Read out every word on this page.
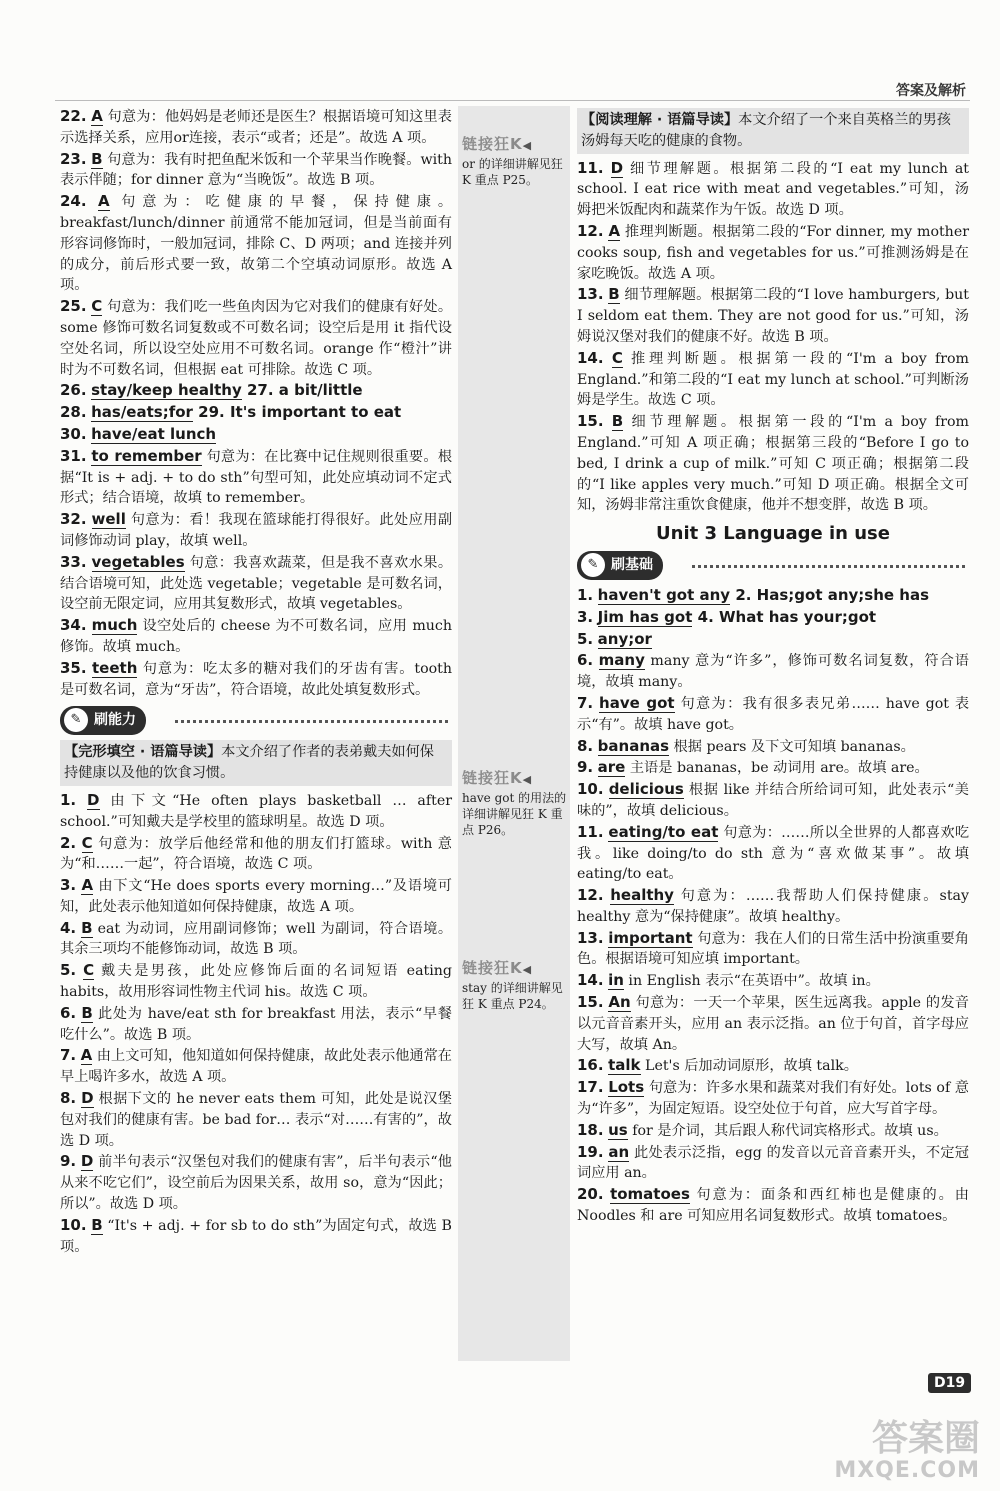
答案及解析
链接狂K◀
or 的详细讲解见狂 K 重点 P25。
链接狂K◀
have got 的用法的详细讲解见狂 K 重点 P26。
链接狂K◀
stay 的详细讲解见狂 K 重点 P24。

22. A 句意为：他妈妈是老师还是医生？根据语境可知这里表示选择关系，应用or连接，表示“或者；还是”。故选 A 项。

23. B 句意为：我有时把鱼配米饭和一个苹果当作晚餐。with 表示伴随；for dinner 意为“当晚饭”。故选 B 项。

24. A 句意为：吃健康的早餐，保持健康。breakfast/lunch/dinner 前通常不能加冠词，但是当前面有形容词修饰时，一般加冠词，排除 C、D 两项；and 连接并列的成分，前后形式要一致，故第二个空填动词原形。故选 A 项。

25. C 句意为：我们吃一些鱼肉因为它对我们的健康有好处。some 修饰可数名词复数或不可数名词；设空后是用 it 指代设空处名词，所以设空处应用不可数名词。orange 作“橙汁”讲时为不可数名词，但根据 eat 可排除。故选 C 项。

26. stay/keep healthy 27. a bit/little

28. has/eats;for 29. It's important to eat

30. have/eat lunch

31. to remember 句意为：在比赛中记住规则很重要。根据“It is + adj. + to do sth”句型可知，此处应填动词不定式形式；结合语境，故填 to remember。

32. well 句意为：看！我现在篮球能打得很好。此处应用副词修饰动词 play，故填 well。

33. vegetables 句意：我喜欢蔬菜，但是我不喜欢水果。结合语境可知，此处选 vegetable；vegetable 是可数名词，设空前无限定词，应用其复数形式，故填 vegetables。

34. much 设空处后的 cheese 为不可数名词，应用 much 修饰。故填 much。

35. teeth 句意为：吃太多的糖对我们的牙齿有害。tooth 是可数名词，意为“牙齿”，符合语境，故此处填复数形式。

✎ 刷能力
【完形填空 · 语篇导读】本文介绍了作者的表弟戴夫如何保持健康以及他的饮食习惯。

1. D 由下文“He often plays basketball … after school.”可知戴夫是学校里的篮球明星。故选 D 项。

2. C 句意为：放学后他经常和他的朋友们打篮球。with 意为“和……一起”，符合语境，故选 C 项。

3. A 由下文“He does sports every morning…”及语境可知，此处表示他知道如何保持健康，故选 A 项。

4. B eat 为动词，应用副词修饰；well 为副词，符合语境。其余三项均不能修饰动词，故选 B 项。

5. C 戴夫是男孩，此处应修饰后面的名词短语 eating habits，故用形容词性物主代词 his。故选 C 项。

6. B 此处为 have/eat sth for breakfast 用法，表示“早餐吃什么”。故选 B 项。

7. A 由上文可知，他知道如何保持健康，故此处表示他通常在早上喝许多水，故选 A 项。

8. D 根据下文的 he never eats them 可知，此处是说汉堡包对我们的健康有害。be bad for… 表示“对……有害的”，故选 D 项。

9. D 前半句表示“汉堡包对我们的健康有害”，后半句表示“他从来不吃它们”，设空前后为因果关系，故用 so，意为“因此；所以”。故选 D 项。

10. B “It's + adj. + for sb to do sth”为固定句式，故选 B 项。

【阅读理解 · 语篇导读】本文介绍了一个来自英格兰的男孩汤姆每天吃的健康的食物。

11. D 细节理解题。根据第二段的“I eat my lunch at school. I eat rice with meat and vegetables.”可知，汤姆把米饭配肉和蔬菜作为午饭。故选 D 项。

12. A 推理判断题。根据第二段的“For dinner, my mother cooks soup, fish and vegetables for us.”可推测汤姆是在家吃晚饭。故选 A 项。

13. B 细节理解题。根据第二段的“I love hamburgers, but I seldom eat them. They are not good for us.”可知，汤姆说汉堡对我们的健康不好。故选 B 项。

14. C 推理判断题。根据第一段的“I'm a boy from England.”和第二段的“I eat my lunch at school.”可判断汤姆是学生。故选 C 项。

15. B 细节理解题。根据第一段的“I'm a boy from England.”可知 A 项正确；根据第三段的“Before I go to bed, I drink a cup of milk.”可知 C 项正确；根据第二段的“I like apples very much.”可知 D 项正确。根据全文可知，汤姆非常注重饮食健康，他并不想变胖，故选 B 项。

Unit 3 Language in use
✎ 刷基础

1. haven't got any 2. Has;got any;she has

3. Jim has got 4. What has your;got

5. any;or

6. many many 意为“许多”，修饰可数名词复数，符合语境，故填 many。

7. have got 句意为：我有很多表兄弟…… have got 表示“有”。故填 have got。

8. bananas 根据 pears 及下文可知填 bananas。

9. are 主语是 bananas，be 动词用 are。故填 are。

10. delicious 根据 like 并结合所给词可知，此处表示“美味的”，故填 delicious。

11. eating/to eat 句意为：……所以全世界的人都喜欢吃我。like doing/to do sth 意为“喜欢做某事”。故填 eating/to eat。

12. healthy 句意为：……我帮助人们保持健康。stay healthy 意为“保持健康”。故填 healthy。

13. important 句意为：我在人们的日常生活中扮演重要角色。根据语境可知应填 important。

14. in in English 表示“在英语中”。故填 in。

15. An 句意为：一天一个苹果，医生远离我。apple 的发音以元音音素开头，应用 an 表示泛指。an 位于句首，首字母应大写，故填 An。

16. talk Let's 后加动词原形，故填 talk。

17. Lots 句意为：许多水果和蔬菜对我们有好处。lots of 意为“许多”，为固定短语。设空处位于句首，应大写首字母。

18. us for 是介词，其后跟人称代词宾格形式。故填 us。

19. an 此处表示泛指，egg 的发音以元音音素开头，不定冠词应用 an。

20. tomatoes 句意为：面条和西红柿也是健康的。由 Noodles 和 are 可知应用名词复数形式。故填 tomatoes。

D19
答案圈
MXQE.COM
